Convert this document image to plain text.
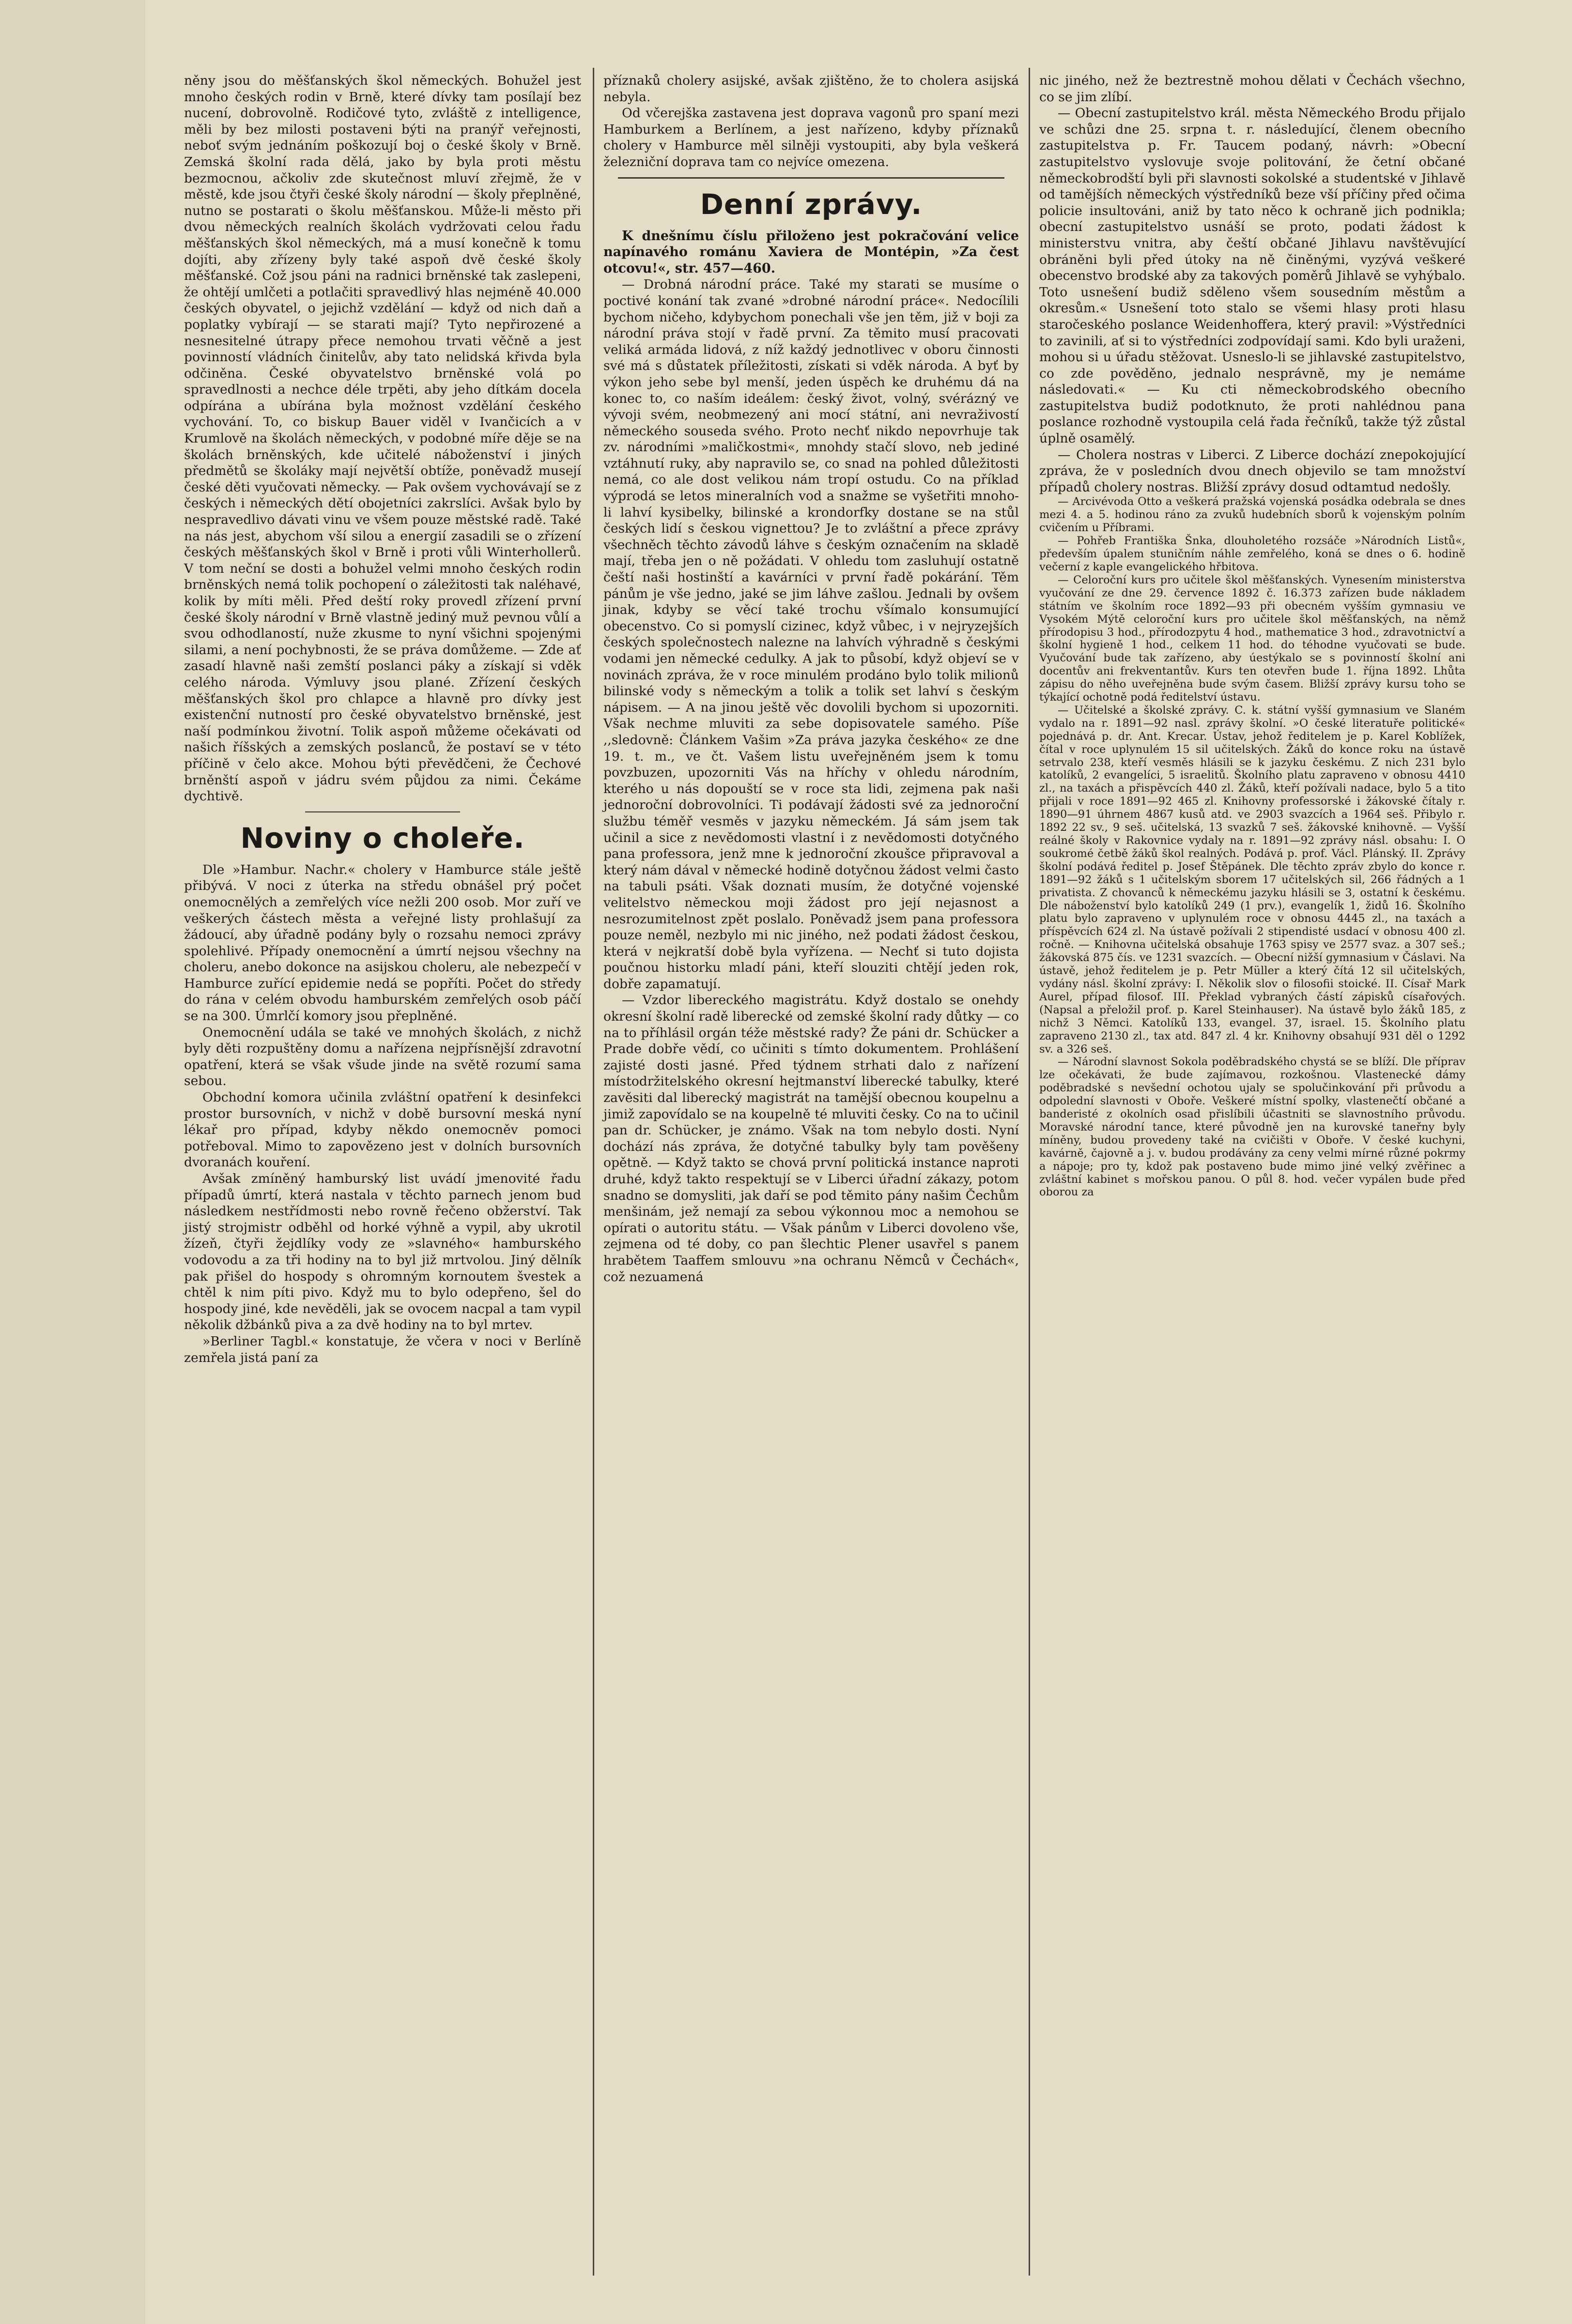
něny jsou do měšťanských škol německých. Bohužel jest mnoho českých rodin v Brně, které dívky tam posílají bez nucení, dobrovolně. Rodičové tyto, zvláště z intelligence, měli by bez milosti postaveni býti na pranýř veřejnosti, neboť svým jednáním poškozují boj o české školy v Brně. Zemská školní rada dělá, jako by byla proti městu bezmocnou, ačkoliv zde skutečnost mluví zřejmě, že v městě, kde jsou čtyři české školy národní — školy přeplněné, nutno se postarati o školu měšťanskou. Může-li město při dvou německých realních školách vydržovati celou řadu měšťanských škol německých, má a musí konečně k tomu dojíti, aby zřízeny byly také aspoň dvě české školy měšťanské. Což jsou páni na radnici brněnské tak zaslepeni, že ohtějí umlčeti a potlačiti spravedlivý hlas nejméně 40.000 českých obyvatel, o jejichž vzdělání — když od nich daň a poplatky vybírají — se starati mají? Tyto nepřirozené a nesnesitelné útrapy přece nemohou trvati věčně a jest povinností vládních činitelův, aby tato nelidská křivda byla odčiněna. České obyvatelstvo brněnské volá po spravedlnosti a nechce déle trpěti, aby jeho dítkám docela odpírána a ubírána byla možnost vzdělání českého vychování. To, co biskup Bauer viděl v Ivančicích a v Krumlově na školách německých, v podobné míře děje se na školách brněnských, kde učitelé náboženství i jiných předmětů se školáky mají největší obtíže, poněvadž musejí české děti vyučovati německy. — Pak ovšem vychovávají se z českých i německých dětí obojetníci zakrslíci. Avšak bylo by nespravedlivo dávati vinu ve všem pouze městské radě. Také na nás jest, abychom vší silou a energií zasadili se o zřízení českých měšťanských škol v Brně i proti vůli Winterhollerů. V tom neční se dosti a bohužel velmi mnoho českých rodin brněnských nemá tolik pochopení o záležitosti tak naléhavé, kolik by míti měli. Před deští roky provedl zřízení první české školy národní v Brně vlastně jediný muž pevnou vůlí a svou odhodlaností, nuže zkusme to nyní všichni spojenými silami, a není pochybnosti, že se práva domůžeme. — Zde ať zasadí hlavně naši zemští poslanci páky a získají si vděk celého národa. Výmluvy jsou plané. Zřízení českých měšťanských škol pro chlapce a hlavně pro dívky jest existenční nutností pro české obyvatelstvo brněnské, jest naší podmínkou životní. Tolik aspoň můžeme očekávati od našich říšských a zemských poslanců, že postaví se v této příčině v čelo akce. Mohou býti převědčeni, že Čechové brněnští aspoň v jádru svém půjdou za nimi. Čekáme dychtivě.

Noviny o choleře.

Dle »Hambur. Nachr.« cholery v Hamburce stále ještě přibývá. V noci z úterka na středu obnášel prý počet onemocnělých a zemřelých více nežli 200 osob. Mor zuří ve veškerých částech města a veřejné listy prohlašují za žádoucí, aby úřadně podány byly o rozsahu nemoci zprávy spolehlivé. Případy onemocnění a úmrtí nejsou všechny na choleru, anebo dokonce na asijskou choleru, ale nebezpečí v Hamburce zuřící epidemie nedá se popříti. Počet do středy do rána v celém obvodu hamburském zemřelých osob páčí se na 300. Úmrlčí komory jsou přeplněné.

Onemocnění udála se také ve mnohých školách, z nichž byly děti rozpuštěny domu a nařízena nejpřísnější zdravotní opatření, která se však všude jinde na světě rozumí sama sebou.

Obchodní komora učinila zvláštní opatření k desinfekci prostor bursovních, v nichž v době bursovní meská nyní lékař pro případ, kdyby někdo onemocněv pomoci potřeboval. Mimo to zapovězeno jest v dolních bursovních dvoranách kouření.

Avšak zmíněný hamburský list uvádí jmenovité řadu případů úmrtí, která nastala v těchto parnech jenom bud následkem nestřídmosti nebo rovně řečeno obžerství. Tak jistý strojmistr odběhl od horké výhně a vypil, aby ukrotil žízeň, čtyři žejdlíky vody ze »slavného« hamburského vodovodu a za tři hodiny na to byl již mrtvolou. Jiný dělník pak přišel do hospody s ohromným kornoutem švestek a chtěl k nim píti pivo. Když mu to bylo odepřeno, šel do hospody jiné, kde nevěděli, jak se ovocem nacpal a tam vypil několik džbánků piva a za dvě hodiny na to byl mrtev.

»Berliner Tagbl.« konstatuje, že včera v noci v Berlíně zemřela jistá paní za

příznaků cholery asijské, avšak zjištěno, že to cholera asijská nebyla.

Od včerejška zastavena jest doprava vagonů pro spaní mezi Hamburkem a Berlínem, a jest nařízeno, kdyby příznaků cholery v Hamburce měl silněji vystoupiti, aby byla veškerá železniční doprava tam co nejvíce omezena.

Denní zprávy.

K dnešnímu číslu přiloženo jest pokračování velice napínavého románu Xaviera de Montépin, »Za čest otcovu!«, str. 457—460.

— Drobná národní práce. Také my starati se musíme o poctivé konání tak zvané »drobné národní práce«. Nedocílili bychom ničeho, kdybychom ponechali vše jen těm, již v boji za národní práva stojí v řadě první. Za těmito musí pracovati veliká armáda lidová, z níž každý jednotlivec v oboru činnosti své má s důstatek příležitosti, získati si vděk národa. A byť by výkon jeho sebe byl menší, jeden úspěch ke druhému dá na konec to, co naším ideálem: český život, volný, svérázný ve vývoji svém, neobmezený ani mocí státní, ani nevraživostí německého souseda svého. Proto nechť nikdo nepovrhuje tak zv. národními »maličkostmi«, mnohdy stačí slovo, neb jediné vztáhnutí ruky, aby napravilo se, co snad na pohled důležitosti nemá, co ale dost velikou nám tropí ostudu. Co na příklad výprodá se letos mineralních vod a snažme se vyšetřiti mnoho-li lahví kysibelky, bilinské a krondorfky dostane se na stůl českých lidí s českou vignettou? Je to zvláštní a přece zprávy všechněch těchto závodů láhve s českým označením na skladě mají, třeba jen o ně požádati. V ohledu tom zasluhují ostatně čeští naši hostinští a kavárníci v první řadě pokárání. Těm pánům je vše jedno, jaké se jim láhve zašlou. Jednali by ovšem jinak, kdyby se věcí také trochu všímalo konsumující obecenstvo. Co si pomyslí cizinec, když vůbec, i v nejryzejších českých společnostech nalezne na lahvích výhradně s českými vodami jen německé cedulky. A jak to působí, když objeví se v novinách zpráva, že v roce minulém prodáno bylo tolik milionů bilinské vody s německým a tolik a tolik set lahví s českým nápisem. — A na jinou ještě věc dovolili bychom si upozorniti. Však nechme mluviti za sebe dopisovatele samého. Píše ,,sledovně: Článkem Vašim »Za práva jazyka českého« ze dne 19. t. m., ve čt. Vašem listu uveřejněném jsem k tomu povzbuzen, upozorniti Vás na hříchy v ohledu národním, kterého u nás dopouští se v roce sta lidi, zejmena pak naši jednoroční dobrovolníci. Ti podávají žádosti své za jednoroční službu téměř vesměs v jazyku německém. Já sám jsem tak učinil a sice z nevědomosti vlastní i z nevědomosti dotyčného pana professora, jenž mne k jednoroční zkoušce připravoval a který nám dával v německé hodině dotyčnou žádost velmi často na tabuli psáti. Však doznati musím, že dotyčné vojenské velitelstvo německou moji žádost pro její nejasnost a nesrozumitelnost zpět poslalo. Poněvadž jsem pana professora pouze neměl, nezbylo mi nic jiného, než podati žádost českou, která v nejkratší době byla vyřízena. — Nechť si tuto dojista poučnou historku mladí páni, kteří slouziti chtějí jeden rok, dobře zapamatují.

— Vzdor libereckého magistrátu. Když dostalo se onehdy okresní školní radě liberecké od zemské školní rady důtky — co na to příhlásil orgán téže městské rady? Že páni dr. Schücker a Prade dobře vědí, co učiniti s tímto dokumentem. Prohlášení zajisté dosti jasné. Před týdnem strhati dalo z nařízení místodržitelského okresní hejtmanství liberecké tabulky, které zavěsiti dal liberecký magistrát na tamější obecnou koupelnu a jimiž zapovídalo se na koupelně té mluviti česky. Co na to učinil pan dr. Schücker, je známo. Však na tom nebylo dosti. Nyní dochází nás zpráva, že dotyčné tabulky byly tam pověšeny opětně. — Když takto se chová první politická instance naproti druhé, když takto respektují se v Liberci úřadní zákazy, potom snadno se domysliti, jak daří se pod těmito pány našim Čechům menšinám, jež nemají za sebou výkonnou moc a nemohou se opírati o autoritu státu. — Však pánům v Liberci dovoleno vše, zejmena od té doby, co pan šlechtic Plener usavřel s panem hrabětem Taaffem smlouvu »na ochranu Němců v Čechách«, což nezuamená

nic jiného, než že beztrestně mohou dělati v Čechách všechno, co se jim zlíbí.

— Obecní zastupitelstvo král. města Německého Brodu přijalo ve schůzi dne 25. srpna t. r. následující, členem obecního zastupitelstva p. Fr. Taucem podaný, návrh: »Obecní zastupitelstvo vyslovuje svoje politování, že četní občané německobrodští byli při slavnosti sokolské a studentské v Jihlavě od tamějších německých výstředníků beze vší příčiny před očima policie insultováni, aniž by tato něco k ochraně jich podnikla; obecní zastupitelstvo usnáší se proto, podati žádost k ministerstvu vnitra, aby čeští občané Jihlavu navštěvující obráněni byli před útoky na ně činěnými, vyzývá veškeré obecenstvo brodské aby za takových poměrů Jihlavě se vyhýbalo. Toto usnešení budiž sděleno všem sousedním městům a okresům.« Usnešení toto stalo se všemi hlasy proti hlasu staročeského poslance Weidenhoffera, který pravil: »Výstředníci to zavinili, ať si to výstředníci zodpovídají sami. Kdo byli uraženi, mohou si u úřadu stěžovat. Usneslo-li se jihlavské zastupitelstvo, co zde pověděno, jednalo nesprávně, my je nemáme následovati.« — Ku cti německobrodského obecního zastupitelstva budiž podotknuto, že proti nahlédnou pana poslance rozhodně vystoupila celá řada řečníků, takže týž zůstal úplně osamělý.

— Cholera nostras v Liberci. Z Liberce dochází znepokojující zpráva, že v posledních dvou dnech objevilo se tam množství případů cholery nostras. Bližší zprávy dosud odtamtud nedošly.

— Arcivévoda Otto a veškerá pražská vojenská posádka odebrala se dnes mezi 4. a 5. hodinou ráno za zvuků hudebních sborů k vojenským polním cvičením u Příbrami.

— Pohřeb Františka Šnka, dlouholetého rozsáče »Národních Listů«, především úpalem stuničním náhle zemřelého, koná se dnes o 6. hodině večerní z kaple evangelického hřbitova.

— Celoroční kurs pro učitele škol měšťanských. Vynesením ministerstva vyučování ze dne 29. července 1892 č. 16.373 zařízen bude nákladem státním ve školním roce 1892—93 při obecném vyšším gymnasiu ve Vysokém Mýtě celoroční kurs pro učitele škol měšťanských, na němž přírodopisu 3 hod., přírodozpytu 4 hod., mathematice 3 hod., zdravotnictví a školní hygieně 1 hod., celkem 11 hod. do téhodne vyučovati se bude. Vyučování bude tak zařízeno, aby úestýkalo se s povinností školní ani docentův ani frekventantův. Kurs ten otevřen bude 1. října 1892. Lhůta zápisu do něho uveřejněna bude svým časem. Bližší zprávy kursu toho se týkající ochotně podá ředitelství ústavu.

— Učitelské a školské zprávy. C. k. státní vyšší gymnasium ve Slaném vydalo na r. 1891—92 nasl. zprávy školní. »O české literatuře politické« pojednává p. dr. Ant. Krecar. Ústav, jehož ředitelem je p. Karel Koblížek, čítal v roce uplynulém 15 sil učitelských. Žáků do konce roku na ústavě setrvalo 238, kteří vesměs hlásili se k jazyku českému. Z nich 231 bylo katolíků, 2 evangelíci, 5 israelitů. Školního platu zapraveno v obnosu 4410 zl., na taxách a přispěvcích 440 zl. Žáků, kteří požívali nadace, bylo 5 a tito přijali v roce 1891—92 465 zl. Knihovny professorské i žákovské čítaly r. 1890—91 úhrnem 4867 kusů atd. ve 2903 svazcích a 1964 seš. Přibylo r. 1892 22 sv., 9 seš. učitelská, 13 svazků 7 seš. žákovské knihovně. — Vyšší reálné školy v Rakovnice vydaly na r. 1891—92 zprávy násl. obsahu: I. O soukromé četbě žáků škol realných. Podává p. prof. Václ. Plánský. II. Zprávy školní podává ředitel p. Josef Štěpánek. Dle těchto zpráv zbylo do konce r. 1891—92 žáků s 1 učitelským sborem 17 učitelských sil, 266 řádných a 1 privatista. Z chovanců k německému jazyku hlásili se 3, ostatní k českému. Dle náboženství bylo katolíků 249 (1 prv.), evangelík 1, židů 16. Školního platu bylo zapraveno v uplynulém roce v obnosu 4445 zl., na taxách a příspěvcích 624 zl. Na ústavě požívali 2 stipendisté usdací v obnosu 400 zl. ročně. — Knihovna učitelská obsahuje 1763 spisy ve 2577 svaz. a 307 seš.; žákovská 875 čís. ve 1231 svazcích. — Obecní nižší gymnasium v Čáslavi. Na ústavě, jehož ředitelem je p. Petr Müller a který čítá 12 sil učitelských, vydány násl. školní zprávy: I. Několik slov o filosofii stoické. II. Císař Mark Aurel, případ filosof. III. Překlad vybraných částí zápisků císařových. (Napsal a přeložil prof. p. Karel Steinhauser). Na ústavě bylo žáků 185, z nichž 3 Němci. Katolíků 133, evangel. 37, israel. 15. Školního platu zapraveno 2130 zl., tax atd. 847 zl. 4 kr. Knihovny obsahují 931 děl o 1292 sv. a 326 seš.

— Národní slavnost Sokola poděbradského chystá se se blíží. Dle příprav lze očekávati, že bude zajímavou, rozkošnou. Vlastenecké dámy poděbradské s nevšední ochotou ujaly se spolučinkování při průvodu a odpolední slavnosti v Obořе. Veškeré místní spolky, vlastenečtí občané a banderisté z okolních osad přislíbili účastniti se slavnostního průvodu. Moravské národní tance, které původně jen na kurovské taneřny byly míněny, budou provedeny také na cvičišti v Oboře. V české kuchyni, kavárně, čajovně a j. v. budou prodávány za ceny velmi mírné různé pokrmy a nápoje; pro ty, kdož pak postaveno bude mimo jiné velký zvěřinec a zvláštní kabinet s mořskou panou. O půl 8. hod. večer vypálen bude před oborou za
